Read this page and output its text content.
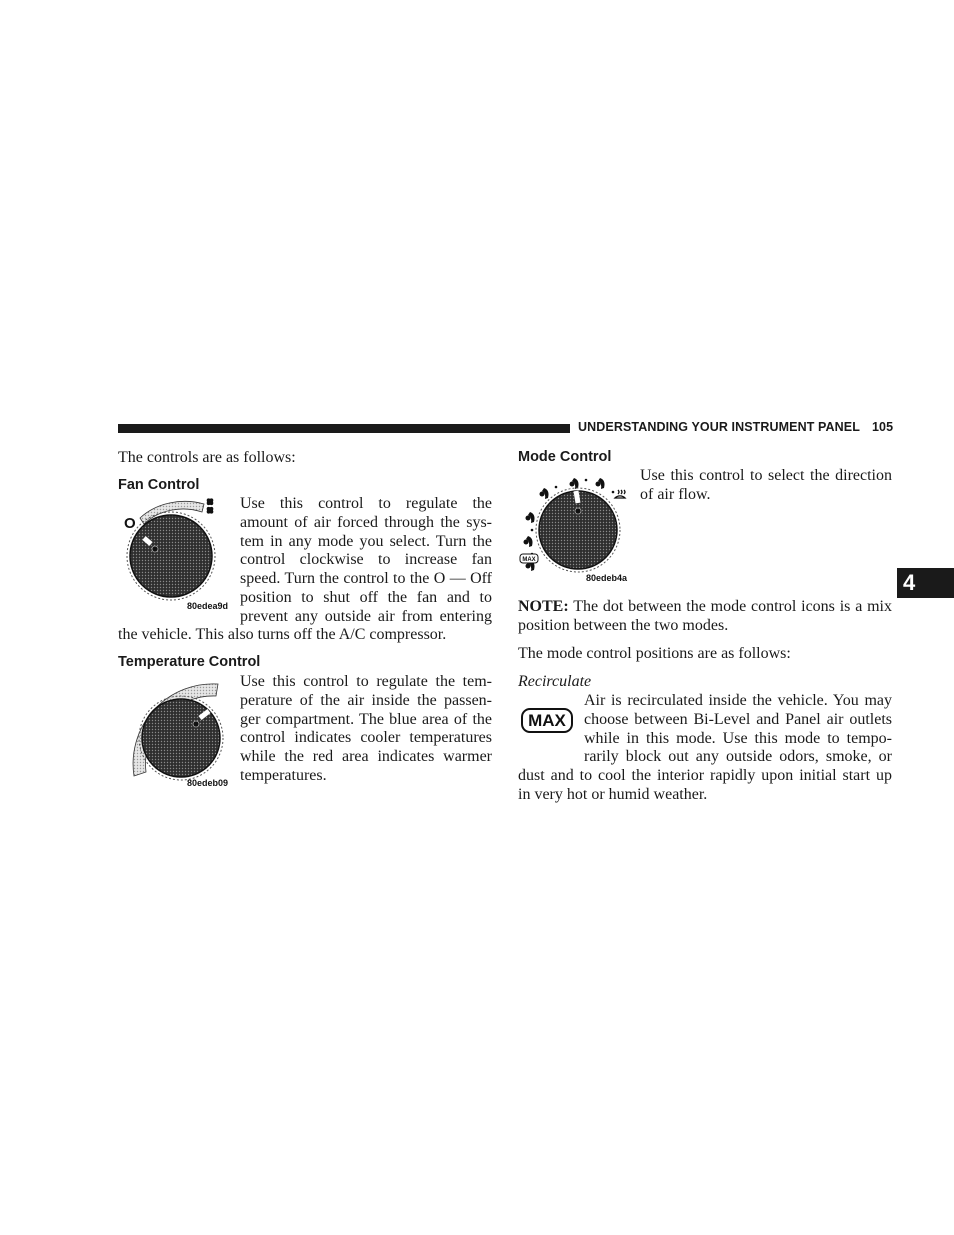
UNDERSTANDING YOUR INSTRUMENT PANEL 105
4
The controls are as follows:
Fan Control
O
80edea9d
Use this control to regulate the
amount of air forced through the sys-
tem in any mode you select. Turn the
control clockwise to increase fan
speed. Turn the control to the O — Off
position to shut off the fan and to
prevent any outside air from entering
the vehicle. This also turns off the A/C compressor.
Temperature Control
80edeb09
Use this control to regulate the tem-
perature of the air inside the passen-
ger compartment. The blue area of the
control indicates cooler temperatures
while the red area indicates warmer
temperatures.
Mode Control
MAX
80edeb4a
Use this control to select the direction
of air flow.
NOTE: The dot between the mode control icons is a mix
position between the two modes.
The mode control positions are as follows:
Recirculate
MAX
Air is recirculated inside the vehicle. You may
choose between Bi-Level and Panel air outlets
while in this mode. Use this mode to tempo-
rarily block out any outside odors, smoke, or
dust and to cool the interior rapidly upon initial start up
in very hot or humid weather.
